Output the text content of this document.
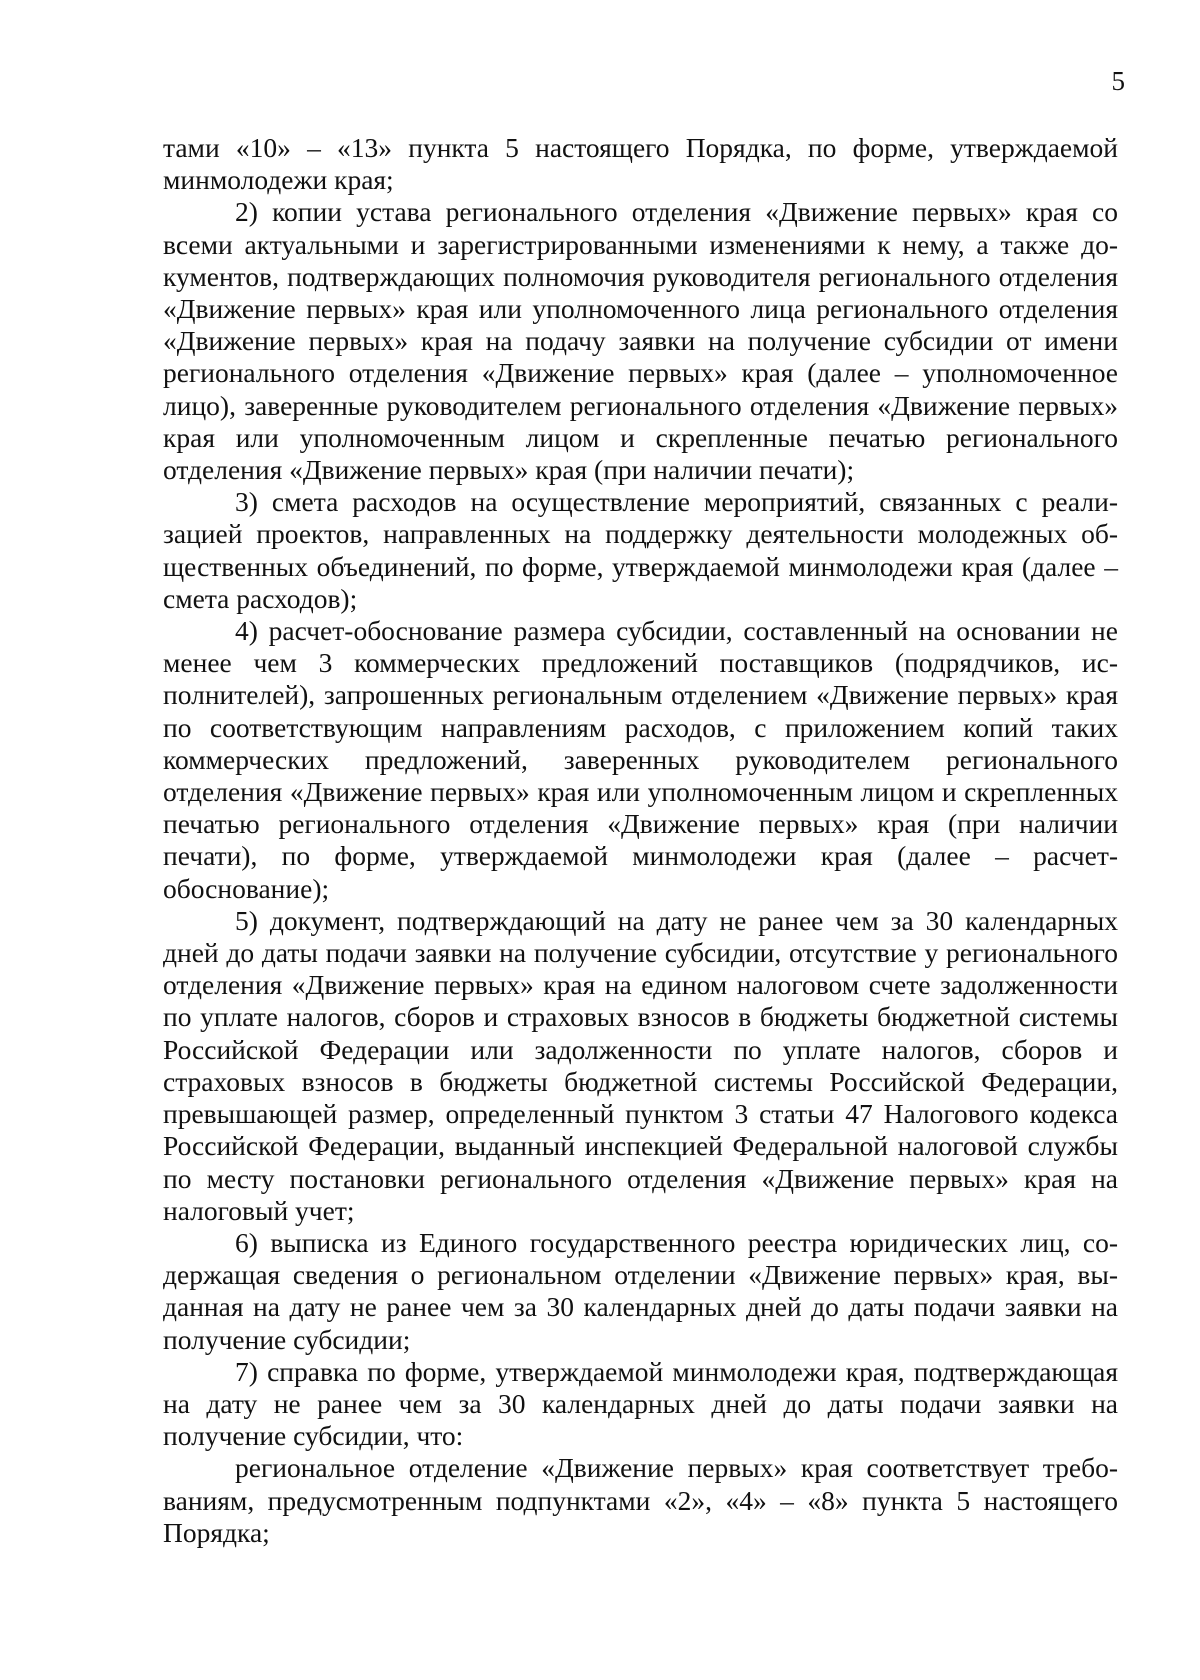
5

тами «10» – «13» пункта 5 настоящего Порядка, по форме, утверждаемой минмолодежи края;

2) копии устава регионального отделения «Движение первых» края со всеми актуальными и зарегистрированными изменениями к нему, а также документов, подтверждающих полномочия руководителя регионального отделения «Движение первых» края или уполномоченного лица регионального отделения «Движение первых» края на подачу заявки на получение субсидии от имени регионального отделения «Движение первых» края (далее – уполномоченное лицо), заверенные руководителем регионального отделения «Движение первых» края или уполномоченным лицом и скрепленные печатью регионального отделения «Движение первых» края (при наличии печати);

3) смета расходов на осуществление мероприятий, связанных с реализацией проектов, направленных на поддержку деятельности молодежных общественных объединений, по форме, утверждаемой минмолодежи края (далее – смета расходов);

4) расчет-обоснование размера субсидии, составленный на основании не менее чем 3 коммерческих предложений поставщиков (подрядчиков, исполнителей), запрошенных региональным отделением «Движение первых» края по соответствующим направлениям расходов, с приложением копий таких коммерческих предложений, заверенных руководителем регионального отделения «Движение первых» края или уполномоченным лицом и скрепленных печатью регионального отделения «Движение первых» края (при наличии печати), по форме, утверждаемой минмолодежи края (далее – расчет-обоснование);

5) документ, подтверждающий на дату не ранее чем за 30 календарных дней до даты подачи заявки на получение субсидии, отсутствие у регионального отделения «Движение первых» края на едином налоговом счете задолженности по уплате налогов, сборов и страховых взносов в бюджеты бюджетной системы Российской Федерации или задолженности по уплате налогов, сборов и страховых взносов в бюджеты бюджетной системы Российской Федерации, превышающей размер, определенный пунктом 3 статьи 47 Налогового кодекса Российской Федерации, выданный инспекцией Федеральной налоговой службы по месту постановки регионального отделения «Движение первых» края на налоговый учет;

6) выписка из Единого государственного реестра юридических лиц, содержащая сведения о региональном отделении «Движение первых» края, выданная на дату не ранее чем за 30 календарных дней до даты подачи заявки на получение субсидии;

7) справка по форме, утверждаемой минмолодежи края, подтверждающая на дату не ранее чем за 30 календарных дней до даты подачи заявки на получение субсидии, что:

региональное отделение «Движение первых» края соответствует требованиям, предусмотренным подпунктами «2», «4» – «8» пункта 5 настоящего Порядка;
